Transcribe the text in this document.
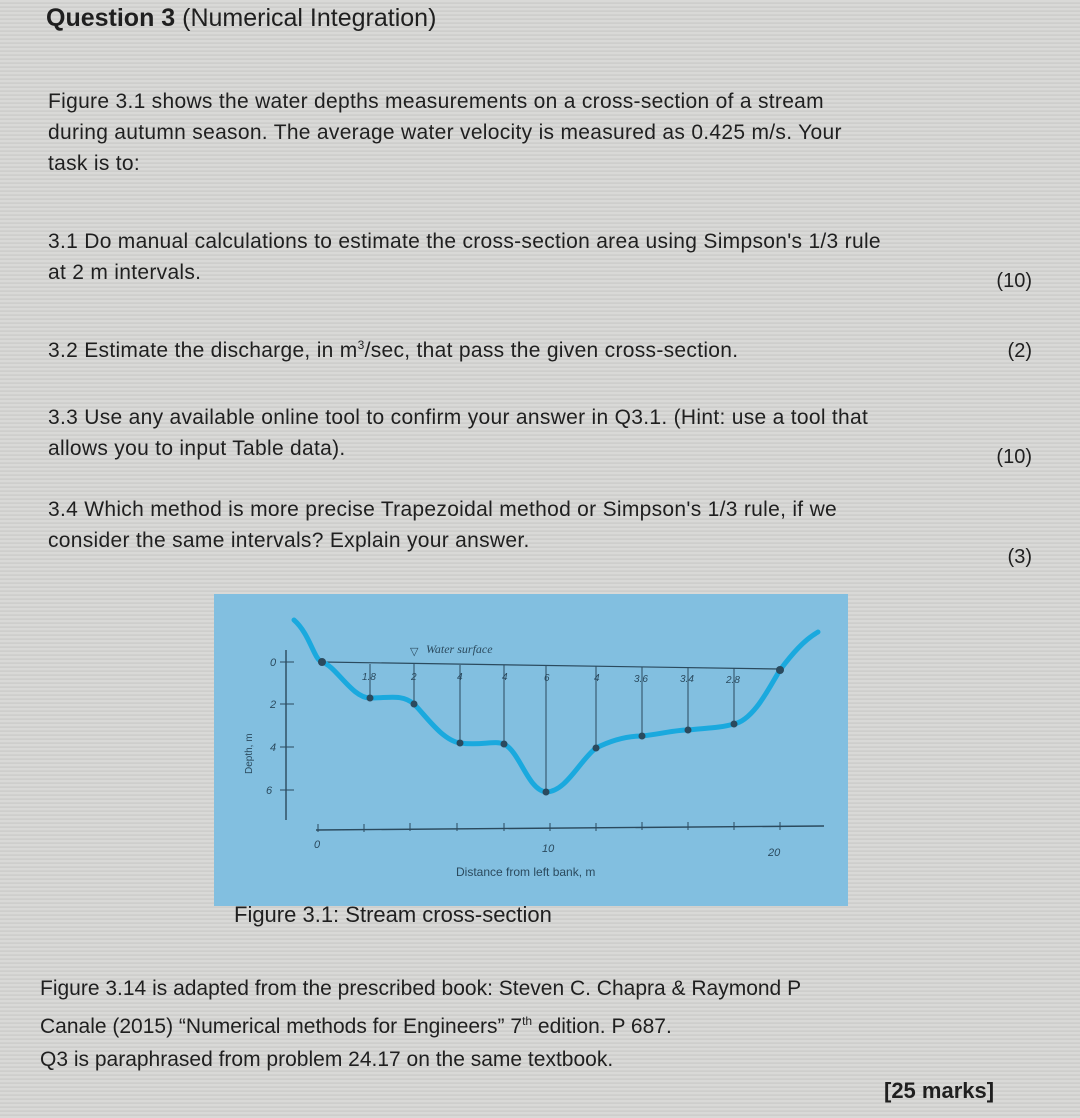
Question 3 (Numerical Integration)
Figure 3.1 shows the water depths measurements on a cross-section of a stream
during autumn season. The average water velocity is measured as 0.425 m/s. Your
task is to:
3.1 Do manual calculations to estimate the cross-section area using Simpson's 1/3 rule
at 2 m intervals.	(10)
3.2 Estimate the discharge, in $m^3/\sec$, that pass the given cross-section.	(2)
3.3 Use any available online tool to confirm your answer in Q3.1. (Hint: use a tool that
allows you to input Table data).	(10)
3.4 Which method is more precise Trapezoidal method or Simpson's 1/3 rule, if we
consider the same intervals? Explain your answer.
(3)
▽ Water surface
0
2
4
6
Depth, m
0	10	20
Distance from left bank, m
1.8	2	4	4	6	4	3.6	3.4	2.8
Figure 3.1: Stream cross-section
Figure 3.14 is adapted from the prescribed book: Steven C. Chapra & Raymond P
Canale (2015) “Numerical methods for Engineers” 7th edition. P 687.
Q3 is paraphrased from problem 24.17 on the same textbook.
[25 marks]
